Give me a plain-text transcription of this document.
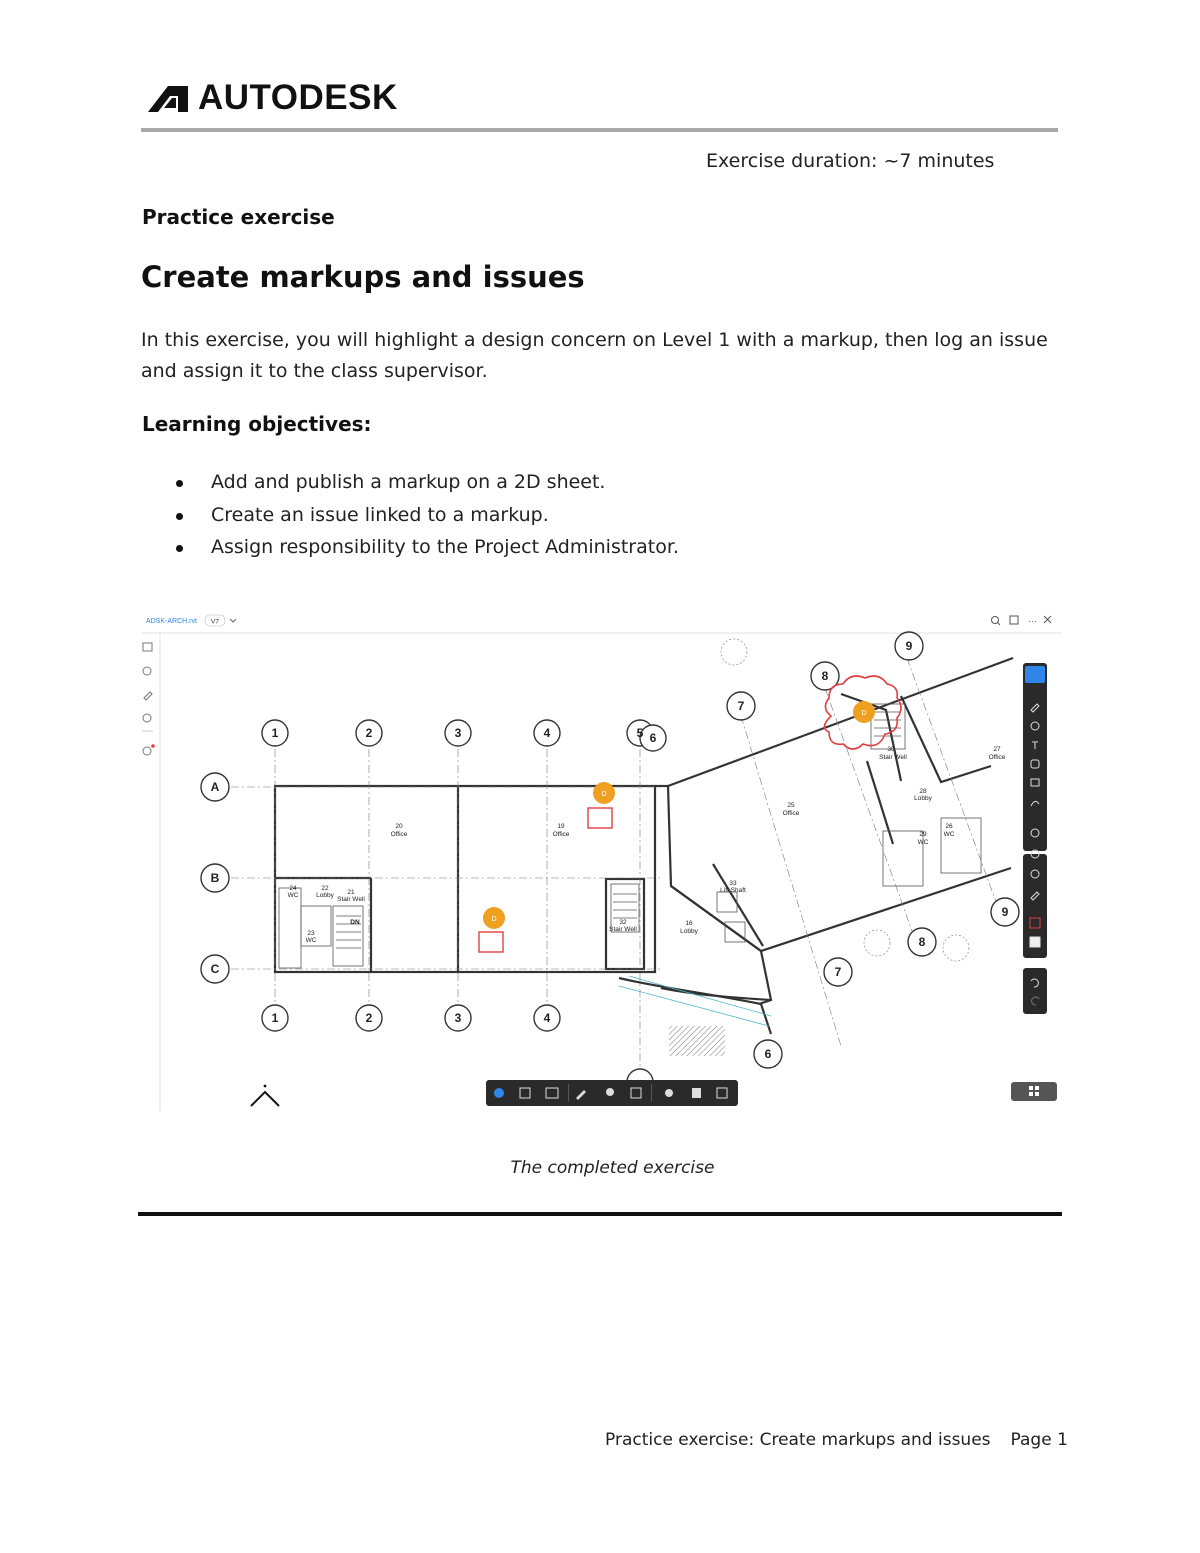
AUTODESK
Exercise duration: ~7 minutes
Practice exercise
Create markups and issues

In this exercise, you will highlight a design concern on Level 1 with a markup, then log an issue and assign it to the class supervisor.

Learning objectives:
Add and publish a markup on a 2D sheet.
Create an issue linked to a markup.
Assign responsibility to the Project Administrator.
ADSK-ARCH.rvt V7	···
1	2	3	4	5 6
1	2	3	4
A
B
C
7
8
9
9
8
7
6
20
Office
19
Office
24
WC
22
Lobby 21
Stair Well
23
WC
33
Lift Shaft
32
Stair Well
16
Lobby
25
Office
30
Stair Well
27
Office
28
Lobby
29
WC
26
WC
DN
D
D
D
T
The completed exercise
Practice exercise: Create markups and issues Page 1
